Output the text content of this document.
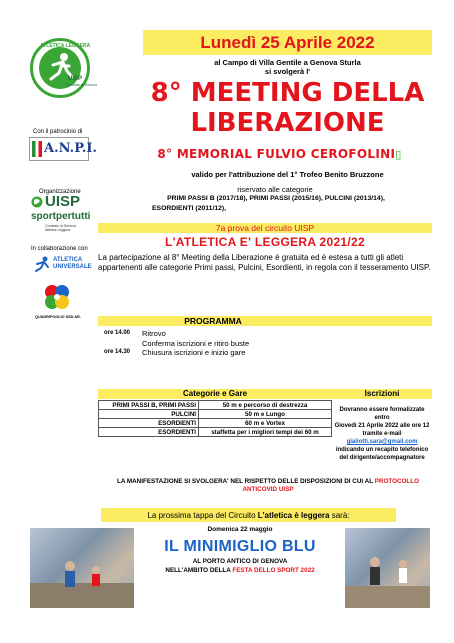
ATLETICA LEGGERA
UISP
Comitato di Genova
Lunedì 25 Aprile 2022
al Campo di Villa Gentile a Genova Sturla
si svolgerà l'
8° MEETING DELLA
LIBERAZIONE
8° MEMORIAL FULVIO CEROFOLINI▯
valido per l'attribuzione del 1° Trofeo Benito Bruzzone
Con il patrocinio di
A.N.P.I.
Organizzazione
UISP
sportpertutti
Comitato di Genova Atletica Leggera
In collaborazione con
ATLETICA UNIVERSALE
QUADRIFOGLIO SSD AR.
riservato alle categorie
PRIMI PASSI B (2017/18), PRIMI PASSI (2015/16), PULCINI (2013/14),
ESORDIENTI (2011/12),
7a prova del circuito UISP
L'ATLETICA E' LEGGERA 2021/22
La partecipazione al 8° Meeting della Liberazione è gratuita ed è estesa a tutti gli atleti appartenenti alle categorie Primi passi, Pulcini, Esordienti, in regola con il tesseramento UISP.
PROGRAMMA
ore 14.00 Ritrovo
Conferma iscrizioni e ritiro buste
ore 14.30 Chiusura iscrizioni e inizio gare
Categorie e Gare	Iscrizioni
PRIMI PASSI B, PRIMI PASSI	50 m e percorso di destrezza
PULCINI	50 m e Lungo
ESORDIENTI	60 m e Vortex
ESORDIENTI	staffetta per i migliori tempi dei 60 m
Dovranno essere formalizzate entro
Giovedì 21 Aprile 2022 alle ore 12 tramite e-mail
gialiotti.sara@gmail.com
indicando un recapito telefonico del dirigente/accompagnatore
LA MANIFESTAZIONE SI SVOLGERA' NEL RISPETTO DELLE DISPOSIZIONI DI CUI AL PROTOCOLLO
ANTICOVID UISP
La prossima tappa del Circuito
L'atletica è leggera
sarà:
Domenica 22 maggio
IL MINIMIGLIO BLU
AL PORTO ANTICO DI GENOVA
NELL'AMBITO DELLA FESTA DELLO SPORT 2022
